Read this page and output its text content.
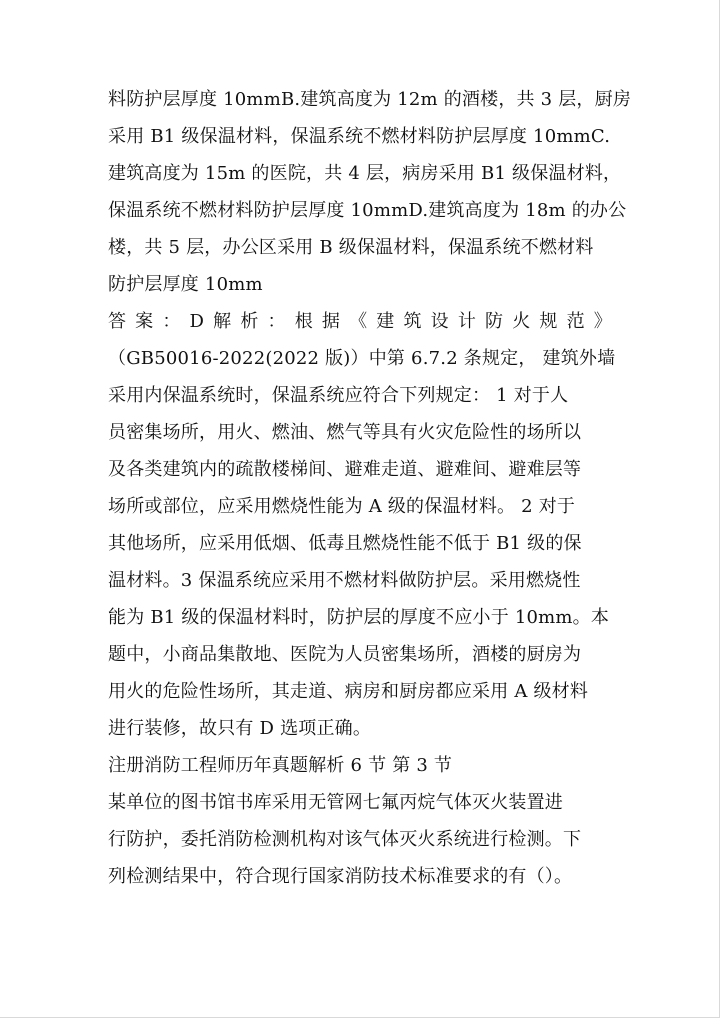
料防护层厚度 10mmB.建筑高度为 12m 的酒楼，共 3 层，厨房
采用 B1 级保温材料，保温系统不燃材料防护层厚度 10mmC.
建筑高度为 15m 的医院，共 4 层，病房采用 B1 级保温材料，
保温系统不燃材料防护层厚度 10mmD.建筑高度为 18m 的办公
楼，共 5 层，办公区采用 B 级保温材料，保温系统不燃材料
防护层厚度 10mm
答案：D解析：根据《建筑设计防火规范》
（GB50016-2022(2022 版)）中第 6.7.2 条规定， 建筑外墙
采用内保温系统时，保温系统应符合下列规定： 1 对于人
员密集场所，用火、燃油、燃气等具有火灾危险性的场所以
及各类建筑内的疏散楼梯间、避难走道、避难间、避难层等
场所或部位，应采用燃烧性能为 A 级的保温材料。 2 对于
其他场所，应采用低烟、低毒且燃烧性能不低于 B1 级的保
温材料。3 保温系统应采用不燃材料做防护层。采用燃烧性
能为 B1 级的保温材料时，防护层的厚度不应小于 10mm。本
题中，小商品集散地、医院为人员密集场所，酒楼的厨房为
用火的危险性场所，其走道、病房和厨房都应采用 A 级材料
进行装修，故只有 D 选项正确。
注册消防工程师历年真题解析 6 节 第 3 节
某单位的图书馆书库采用无管网七氟丙烷气体灭火装置进
行防护，委托消防检测机构对该气体灭火系统进行检测。下
列检测结果中，符合现行国家消防技术标准要求的有（）。
